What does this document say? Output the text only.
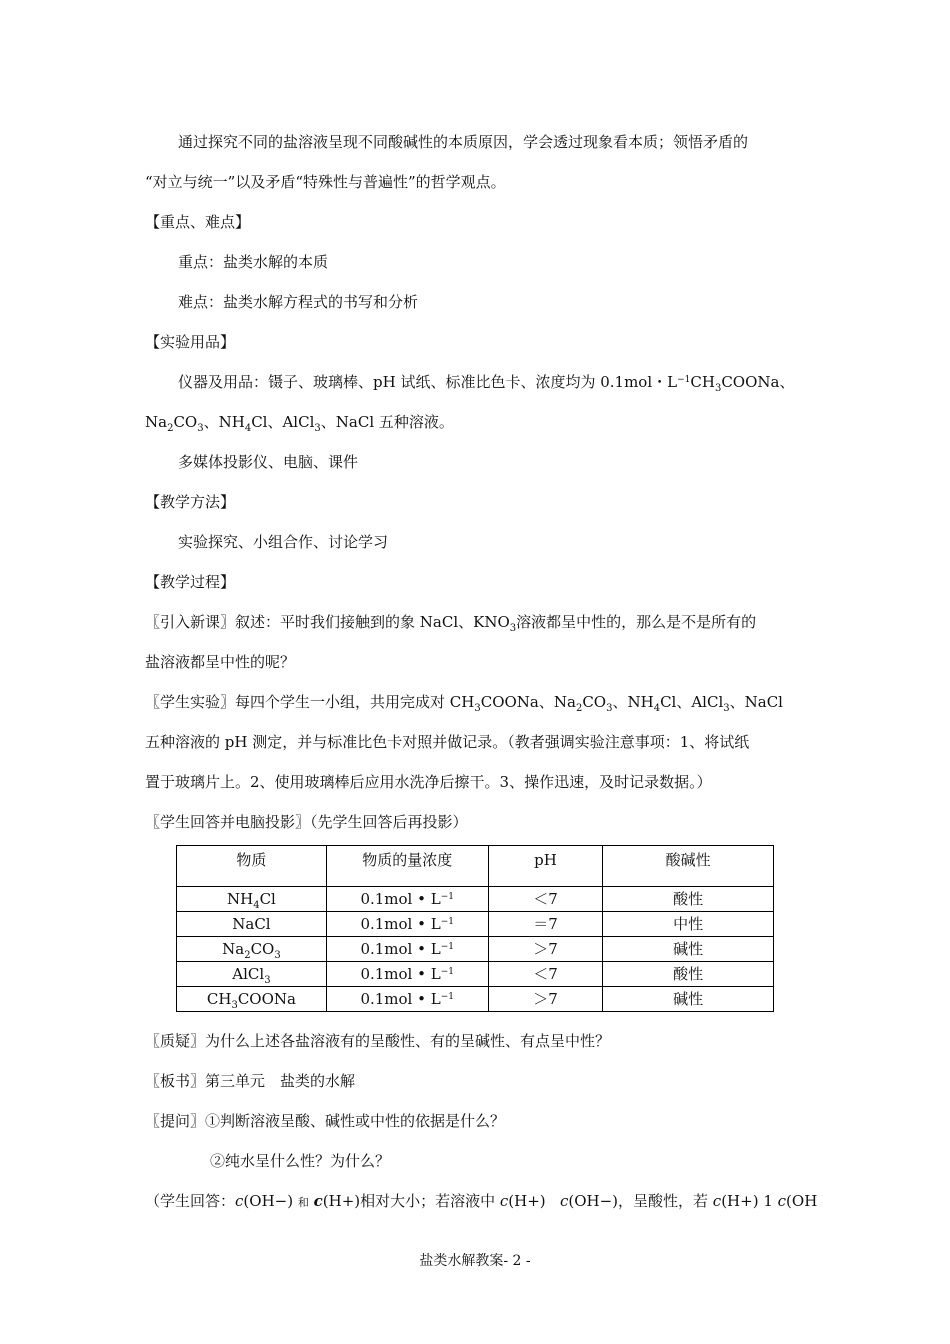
通过探究不同的盐溶液呈现不同酸碱性的本质原因，学会透过现象看本质；领悟矛盾的
“对立与统一”以及矛盾“特殊性与普遍性”的哲学观点。
【重点、难点】
重点：盐类水解的本质
难点：盐类水解方程式的书写和分析
【实验用品】
仪器及用品：镊子、玻璃棒、pH 试纸、标准比色卡、浓度均为 0.1mol・$L^{-1}CH_3COONa$、
$Na_2CO_3$、$NH_4Cl$、AlCl$_3$、NaCl 五种溶液。
多媒体投影仪、电脑、课件
【教学方法】
实验探究、小组合作、讨论学习
【教学过程】
〖引入新课〗叙述：平时我们接触到的象 NaCl、$KNO_3$溶液都呈中性的，那么是不是所有的
盐溶液都呈中性的呢？
〖学生实验〗每四个学生一小组，共用完成对 $CH_3COONa$、$Na_2CO_3$、$NH_4Cl$、AlCl$_3$、NaCl
五种溶液的 pH 测定，并与标准比色卡对照并做记录。（教者强调实验注意事项：1、将试纸
置于玻璃片上。2、使用玻璃棒后应用水洗净后擦干。3、操作迅速，及时记录数据。）
〖学生回答并电脑投影〗（先学生回答后再投影）
物质	物质的量浓度	pH	酸碱性
$NH_4Cl$	0.1mol • $L^{-1}$	＜7	酸性
NaCl	0.1mol • $L^{-1}$	＝7	中性
$Na_2CO_3$	0.1mol • $L^{-1}$	＞7	碱性
AlCl$_3$	0.1mol • $L^{-1}$	＜7	酸性
$CH_3COONa$	0.1mol • $L^{-1}$	＞7	碱性
〖质疑〗为什么上述各盐溶液有的呈酸性、有的呈碱性、有点呈中性？
〖板书〗第三单元　盐类的水解
〖提问〗①判断溶液呈酸、碱性或中性的依据是什么？
②纯水呈什么性？为什么？
（学生回答：c(OH−) 和 c(H+)相对大小；若溶液中 c(H+)   c(OH−)，呈酸性，若 c(H+) 1 c(OH
盐类水解教案- 2 -
